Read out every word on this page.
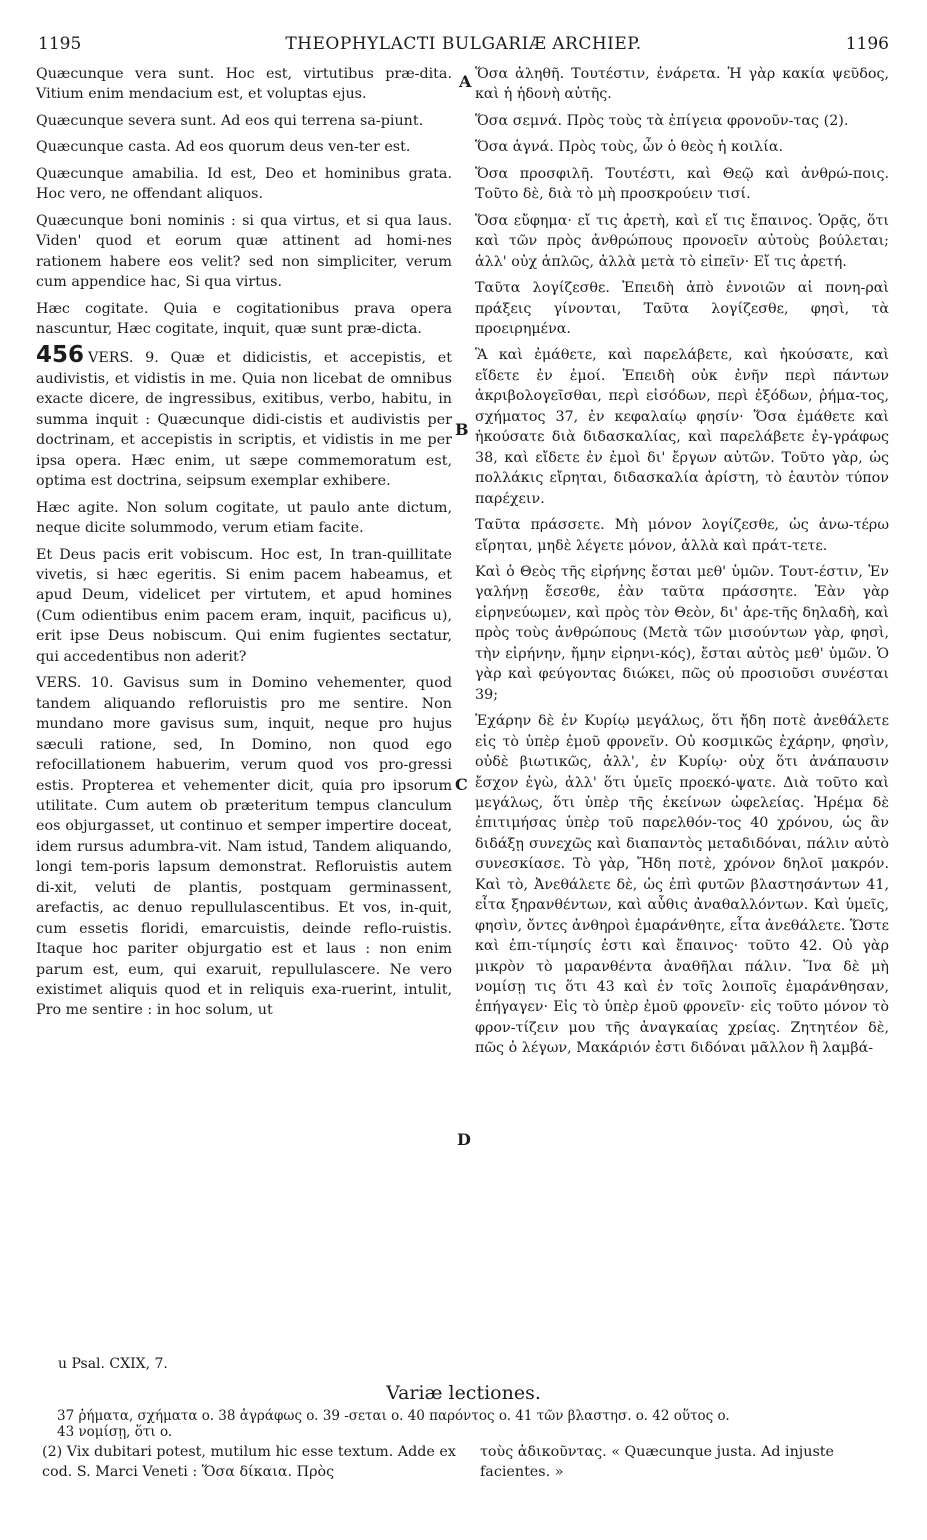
1195	THEOPHYLACTI BULGARIÆ ARCHIEP.	1196
A
B
C
D

Quæcunque vera sunt. Hoc est, virtutibus præ-dita. Vitium enim mendacium est, et voluptas ejus.

Quæcunque severa sunt. Ad eos qui terrena sa-piunt.

Quæcunque casta. Ad eos quorum deus ven-ter est.

Quæcunque amabilia. Id est, Deo et hominibus grata. Hoc vero, ne offendant aliquos.

Quæcunque boni nominis : si qua virtus, et si qua laus. Viden' quod et eorum quæ attinent ad homi-nes rationem habere eos velit? sed non simpliciter, verum cum appendice hac, Si qua virtus.

Hæc cogitate. Quia e cogitationibus prava opera nascuntur, Hæc cogitate, inquit, quæ sunt præ-dicta.

456 VERS. 9. Quæ et didicistis, et accepistis, et audivistis, et vidistis in me. Quia non licebat de omnibus exacte dicere, de ingressibus, exitibus, verbo, habitu, in summa inquit : Quæcunque didi-cistis et audivistis per doctrinam, et accepistis in scriptis, et vidistis in me per ipsa opera. Hæc enim, ut sæpe commemoratum est, optima est doctrina, seipsum exemplar exhibere.

Hæc agite. Non solum cogitate, ut paulo ante dictum, neque dicite solummodo, verum etiam facite.

Et Deus pacis erit vobiscum. Hoc est, In tran-quillitate vivetis, si hæc egeritis. Si enim pacem habeamus, et apud Deum, videlicet per virtutem, et apud homines (Cum odientibus enim pacem eram, inquit, pacificus u), erit ipse Deus nobiscum. Qui enim fugientes sectatur, qui accedentibus non aderit?

VERS. 10. Gavisus sum in Domino vehementer, quod tandem aliquando refloruistis pro me sentire. Non mundano more gavisus sum, inquit, neque pro hujus sæculi ratione, sed, In Domino, non quod ego refocillationem habuerim, verum quod vos pro-gressi estis. Propterea et vehementer dicit, quia pro ipsorum utilitate. Cum autem ob præteritum tempus clanculum eos objurgasset, ut continuo et semper impertire doceat, idem rursus adumbra-vit. Nam istud, Tandem aliquando, longi tem-poris lapsum demonstrat. Refloruistis autem di-xit, veluti de plantis, postquam germinassent, arefactis, ac denuo repullulascentibus. Et vos, in-quit, cum essetis floridi, emarcuistis, deinde reflo-ruistis. Itaque hoc pariter objurgatio est et laus : non enim parum est, eum, qui exaruit, repullulascere. Ne vero existimet aliquis quod et in reliquis exa-ruerint, intulit, Pro me sentire : in hoc solum, ut

Ὅσα ἀληθῆ. Τουτέστιν, ἐνάρετα. Ἡ γὰρ κακία ψεῦδος, καὶ ἡ ἡδονὴ αὐτῆς.

Ὅσα σεμνά. Πρὸς τοὺς τὰ ἐπίγεια φρονοῦν-τας (2).

Ὅσα ἁγνά. Πρὸς τοὺς, ὧν ὁ θεὸς ἡ κοιλία.

Ὅσα προσφιλῆ. Τουτέστι, καὶ Θεῷ καὶ ἀνθρώ-ποις. Τοῦτο δὲ, διὰ τὸ μὴ προσκρούειν τισί.

Ὅσα εὔφημα· εἴ τις ἀρετὴ, καὶ εἴ τις ἔπαινος. Ὁρᾷς, ὅτι καὶ τῶν πρὸς ἀνθρώπους προνοεῖν αὐτοὺς βούλεται; ἀλλ' οὐχ ἁπλῶς, ἀλλὰ μετὰ τὸ εἰπεῖν· Εἴ τις ἀρετή.

Ταῦτα λογίζεσθε. Ἐπειδὴ ἀπὸ ἐννοιῶν αἱ πονη-ραὶ πράξεις γίνονται, Ταῦτα λογίζεσθε, φησὶ, τὰ προειρημένα.

Ἃ καὶ ἐμάθετε, καὶ παρελάβετε, καὶ ἠκούσατε, καὶ εἴδετε ἐν ἐμοί. Ἐπειδὴ οὐκ ἐνῆν περὶ πάντων ἀκριβολογεῖσθαι, περὶ εἰσόδων, περὶ ἐξόδων, ῥήμα-τος, σχήματος 37, ἐν κεφαλαίῳ φησίν· Ὅσα ἐμάθετε καὶ ἠκούσατε διὰ διδασκαλίας, καὶ παρελάβετε ἐγ-γράφως 38, καὶ εἴδετε ἐν ἐμοὶ δι' ἔργων αὐτῶν. Τοῦτο γὰρ, ὡς πολλάκις εἴρηται, διδασκαλία ἀρίστη, τὸ ἑαυτὸν τύπον παρέχειν.

Ταῦτα πράσσετε. Μὴ μόνον λογίζεσθε, ὡς ἀνω-τέρω εἴρηται, μηδὲ λέγετε μόνον, ἀλλὰ καὶ πράτ-τετε.

Καὶ ὁ Θεὸς τῆς εἰρήνης ἔσται μεθ' ὑμῶν. Τουτ-έστιν, Ἐν γαλήνῃ ἔσεσθε, ἐὰν ταῦτα πράσσητε. Ἐὰν γὰρ εἰρηνεύωμεν, καὶ πρὸς τὸν Θεὸν, δι' ἀρε-τῆς δηλαδὴ, καὶ πρὸς τοὺς ἀνθρώπους (Μετὰ τῶν μισούντων γὰρ, φησὶ, τὴν εἰρήνην, ἤμην εἰρηνι-κός), ἔσται αὐτὸς μεθ' ὑμῶν. Ὁ γὰρ καὶ φεύγοντας διώκει, πῶς οὐ προσιοῦσι συνέσται 39;

Ἐχάρην δὲ ἐν Κυρίῳ μεγάλως, ὅτι ἤδη ποτὲ ἀνεθάλετε εἰς τὸ ὑπὲρ ἐμοῦ φρονεῖν. Οὐ κοσμικῶς ἐχάρην, φησὶν, οὐδὲ βιωτικῶς, ἀλλ', ἐν Κυρίῳ· οὐχ ὅτι ἀνάπαυσιν ἔσχον ἐγὼ, ἀλλ' ὅτι ὑμεῖς προεκό-ψατε. Διὰ τοῦτο καὶ μεγάλως, ὅτι ὑπὲρ τῆς ἐκείνων ὠφελείας. Ἠρέμα δὲ ἐπιτιμήσας ὑπὲρ τοῦ παρελθόν-τος 40 χρόνου, ὡς ἂν διδάξῃ συνεχῶς καὶ διαπαντὸς μεταδιδόναι, πάλιν αὐτὸ συνεσκίασε. Τὸ γὰρ, Ἤδη ποτὲ, χρόνον δηλοῖ μακρόν. Καὶ τὸ, Ἀνεθάλετε δὲ, ὡς ἐπὶ φυτῶν βλαστησάντων 41, εἶτα ξηρανθέντων, καὶ αὖθις ἀναθαλλόντων. Καὶ ὑμεῖς, φησὶν, ὄντες ἀνθηροὶ ἐμαράνθητε, εἶτα ἀνεθάλετε. Ὥστε καὶ ἐπι-τίμησίς ἐστι καὶ ἔπαινος· τοῦτο 42. Οὐ γὰρ μικρὸν τὸ μαρανθέντα ἀναθῆλαι πάλιν. Ἵνα δὲ μὴ νομίσῃ τις ὅτι 43 καὶ ἐν τοῖς λοιποῖς ἐμαράνθησαν, ἐπήγαγεν· Εἰς τὸ ὑπὲρ ἐμοῦ φρονεῖν· εἰς τοῦτο μόνον τὸ φρον-τίζειν μου τῆς ἀναγκαίας χρείας. Ζητητέον δὲ, πῶς ὁ λέγων, Μακάριόν ἐστι διδόναι μᾶλλον ἢ λαμβά-

u Psal. CXIX, 7.
Variæ lectiones.
37 ῥήματα, σχήματα o. 38 ἀγράφως o. 39 -σεται o. 40 παρόντος o. 41 τῶν βλαστησ. o. 42 οὕτος o.
43 νομίσῃ, ὅτι o.
(2) Vix dubitari potest, mutilum hic esse textum. Adde ex cod. S. Marci Veneti : Ὅσα δίκαια. Πρὸς
τοὺς ἀδικοῦντας. « Quæcunque justa. Ad injuste facientes. »
